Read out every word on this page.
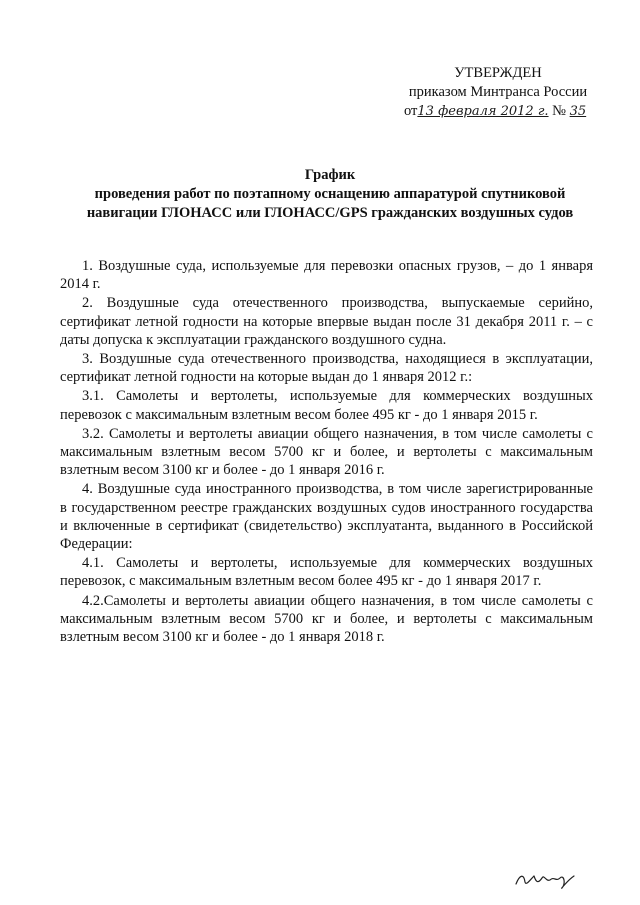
УТВЕРЖДЕН
приказом Минтранса России
от13 февраля 2012 г. № 35
График
проведения работ по поэтапному оснащению аппаратурой спутниковой
навигации ГЛОНАСС или ГЛОНАСС/GPS гражданских воздушных судов

1. Воздушные суда, используемые для перевозки опасных грузов, – до 1 января 2014 г.

2. Воздушные суда отечественного производства, выпускаемые серийно, сертификат летной годности на которые впервые выдан после 31 декабря 2011 г. – с даты допуска к эксплуатации гражданского воздушного судна.

3. Воздушные суда отечественного производства, находящиеся в эксплуатации, сертификат летной годности на которые выдан до 1 января 2012 г.:

3.1. Самолеты и вертолеты, используемые для коммерческих воздушных перевозок с максимальным взлетным весом более 495 кг - до 1 января 2015 г.

3.2. Самолеты и вертолеты авиации общего назначения, в том числе самолеты с максимальным взлетным весом 5700 кг и более, и вертолеты с максимальным взлетным весом 3100 кг и более - до 1 января 2016 г.

4. Воздушные суда иностранного производства, в том числе зарегистрированные в государственном реестре гражданских воздушных судов иностранного государства и включенные в сертификат (свидетельство) эксплуатанта, выданного в Российской Федерации:

4.1. Самолеты и вертолеты, используемые для коммерческих воздушных перевозок, с максимальным взлетным весом более 495 кг - до 1 января 2017 г.

4.2.Самолеты и вертолеты авиации общего назначения, в том числе самолеты с максимальным взлетным весом 5700 кг и более, и вертолеты с максимальным взлетным весом 3100 кг и более - до 1 января 2018 г.
